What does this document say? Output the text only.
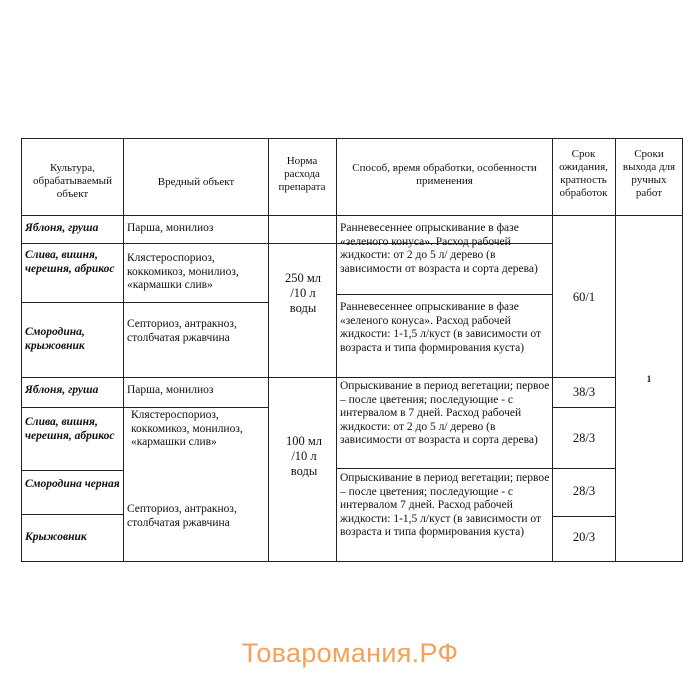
Культура, обрабатываемый объект
Вредный объект
Норма расхода препарата
Способ, время обработки, особенности применения
Срок ожидания, кратность обработок
Сроки выхода для ручных работ
Яблоня, груша
Слива, вишня, черешня, абрикос
Смородина, крыжовник
Яблоня, груша
Слива, вишня, черешня, абрикос
Смородина черная
Крыжовник
Парша, монилиоз
Клястероспориоз, коккомикоз, монилиоз, «кармашки слив»
Септориоз, антракноз, столбчатая ржавчина
Парша, монилиоз
Клястероспориоз, коккомикоз, монилиоз, «кармашки слив»
Септориоз, антракноз, столбчатая ржавчина
250 мл /10 л воды
100 мл /10 л воды
Ранневесеннее опрыскивание в фазе «зеленого конуса». Расход рабочей жидкости: от 2 до 5 л/ дерево (в зависимости от возраста и сорта дерева)
Ранневесеннее опрыскивание в фазе «зеленого конуса». Расход рабочей жидкости: 1-1,5 л/куст (в зависимости от возраста и типа формирования куста)
Опрыскивание в период вегетации; первое – после цветения; последующие - с интервалом в 7 дней. Расход рабочей жидкости: от 2 до 5 л/ дерево (в зависимости от возраста и сорта дерева)
Опрыскивание в период вегетации; первое – после цветения; последующие - с интервалом 7 дней. Расход рабочей жидкости: 1-1,5 л/куст (в зависимости от возраста и типа формирования куста)
60/1
38/3
28/3
28/3
20/3
1
Товаромания.РФ
